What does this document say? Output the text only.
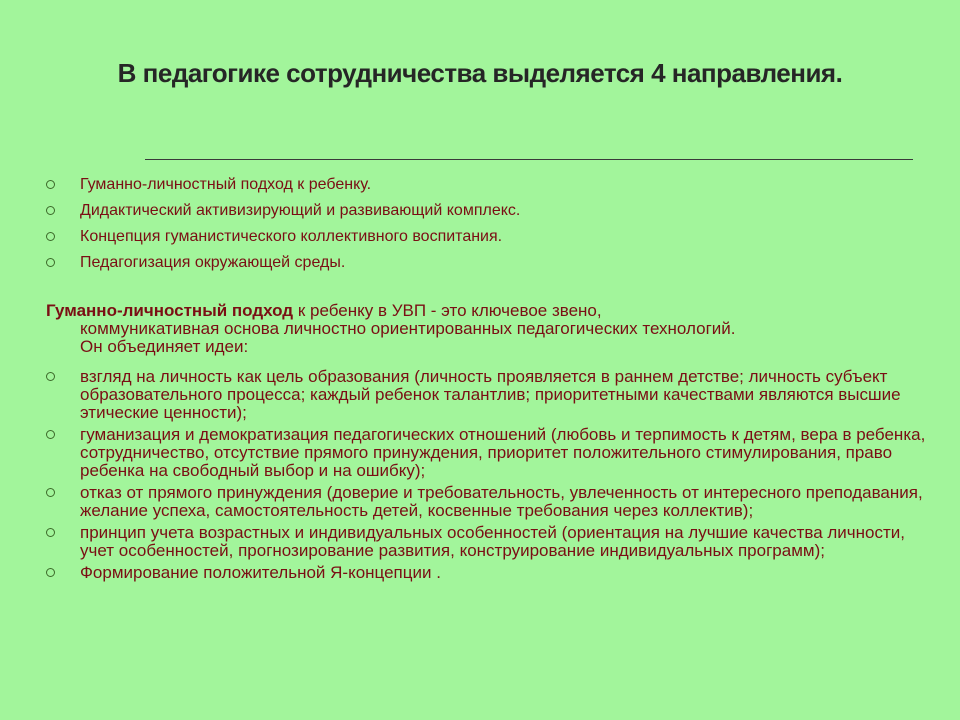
В педагогике сотрудничества выделяется 4 направления.
Гуманно-личностный подход к ребенку.
Дидактический активизирующий и развивающий комплекс.
Концепция гуманистического коллективного воспитания.
Педагогизация окружающей среды.
Гуманно-личностный подход к ребенку в УВП - это ключевое звено,
коммуникативная основа личностно ориентированных педагогических технологий.
Он объединяет идеи:
взгляд на личность как цель образования (личность проявляется в раннем детстве; личность субъект образовательного процесса; каждый ребенок талантлив; приоритетными качествами являются высшие этические ценности);
гуманизация и демократизация педагогических отношений (любовь и терпимость к детям, вера в ребенка, сотрудничество, отсутствие прямого принуждения, приоритет положительного стимулирования, право ребенка на свободный выбор и на ошибку);
отказ от прямого принуждения (доверие и требовательность, увлеченность от интересного преподавания, желание успеха, самостоятельность детей, косвенные требования через коллектив);
принцип учета возрастных и индивидуальных особенностей (ориентация на лучшие качества личности, учет особенностей, прогнозирование развития, конструирование индивидуальных программ);
Формирование положительной Я-концепции .
